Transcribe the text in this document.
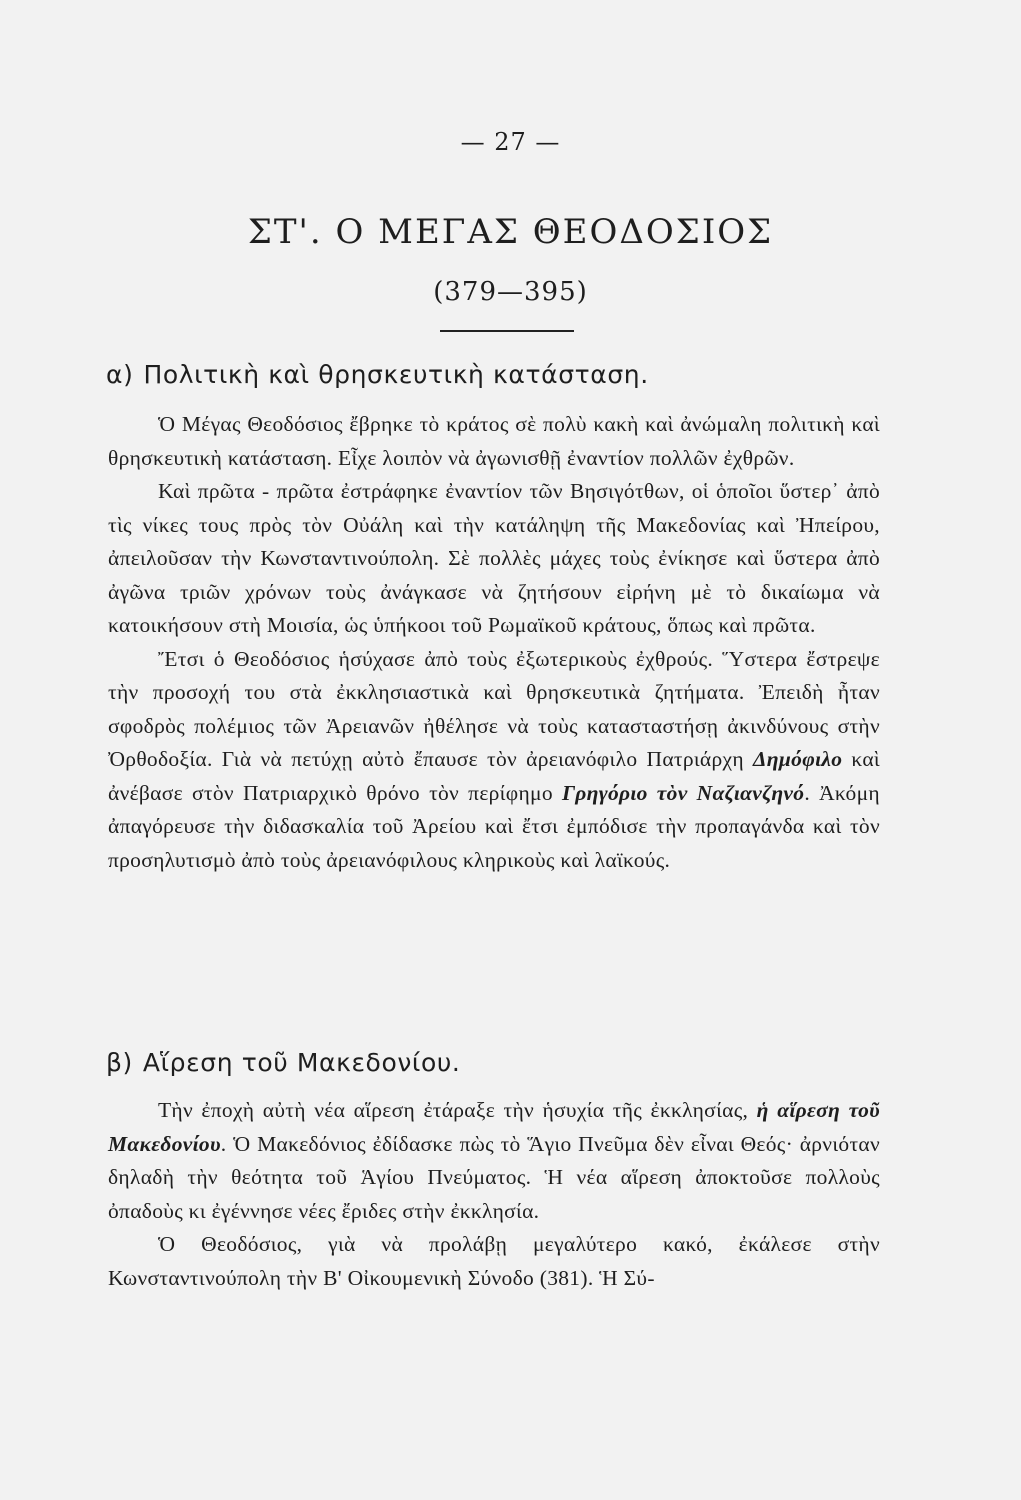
— 27 —
ΣΤ'. Ο ΜΕΓΑΣ ΘΕΟΔΟΣΙΟΣ
(379—395)
α) Πολιτικὴ καὶ θρησκευτικὴ κατάσταση.

Ὁ Μέγας Θεοδόσιος ἔβρηκε τὸ κράτος σὲ πολὺ κακὴ καὶ ἀνώμαλη πολιτικὴ καὶ θρησκευτικὴ κατάσταση. Εἶχε λοιπὸν νὰ ἀγωνισθῇ ἐναντίον πολλῶν ἐχθρῶν.

Καὶ πρῶτα - πρῶτα ἐστράφηκε ἐναντίον τῶν Βησιγότθων, οἱ ὁποῖοι ὕστερ᾿ ἀπὸ τὶς νίκες τους πρὸς τὸν Οὐάλη καὶ τὴν κατάληψη τῆς Μακεδονίας καὶ Ἠπείρου, ἀπειλοῦσαν τὴν Κωνσταντινούπολη. Σὲ πολλὲς μάχες τοὺς ἐνίκησε καὶ ὕστερα ἀπὸ ἀγῶνα τριῶν χρόνων τοὺς ἀνάγκασε νὰ ζητήσουν εἰρήνη μὲ τὸ δικαίωμα νὰ κατοικήσουν στὴ Μοισία, ὡς ὑπήκοοι τοῦ Ρωμαϊκοῦ κράτους, ὅπως καὶ πρῶτα.

Ἔτσι ὁ Θεοδόσιος ἡσύχασε ἀπὸ τοὺς ἐξωτερικοὺς ἐχθρούς. Ὕστερα ἔστρεψε τὴν προσοχή του στὰ ἐκκλησιαστικὰ καὶ θρησκευτικὰ ζητήματα. Ἐπειδὴ ἦταν σφοδρὸς πολέμιος τῶν Ἀρειανῶν ἠθέλησε νὰ τοὺς κατασταστήσῃ ἀκινδύνους στὴν Ὀρθοδοξία. Γιὰ νὰ πετύχῃ αὐτὸ ἔπαυσε τὸν ἀρειανόφιλο Πατριάρχη Δημόφιλο καὶ ἀνέβασε στὸν Πατριαρχικὸ θρόνο τὸν περίφημο Γρηγόριο τὸν Ναζιανζηνό. Ἀκόμη ἀπαγόρευσε τὴν διδασκαλία τοῦ Ἀρείου καὶ ἔτσι ἐμπόδισε τὴν προπαγάνδα καὶ τὸν προσηλυτισμὸ ἀπὸ τοὺς ἀρειανόφιλους κληρικοὺς καὶ λαϊκούς.

β) Αἵρεση τοῦ Μακεδονίου.

Τὴν ἐποχὴ αὐτὴ νέα αἵρεση ἐτάραξε τὴν ἡσυχία τῆς ἐκκλησίας, ἡ αἵρεση τοῦ Μακεδονίου. Ὁ Μακεδόνιος ἐδίδασκε πὼς τὸ Ἅγιο Πνεῦμα δὲν εἶναι Θεός· ἀρνιόταν δηλαδὴ τὴν θεότητα τοῦ Ἁγίου Πνεύματος. Ἡ νέα αἵρεση ἀποκτοῦσε πολλοὺς ὀπαδοὺς κι ἐγέννησε νέες ἔριδες στὴν ἐκκλησία.

Ὁ Θεοδόσιος, γιὰ νὰ προλάβῃ μεγαλύτερο κακό, ἐκάλεσε στὴν Κωνσταντινούπολη τὴν Β' Οἰκουμενικὴ Σύνοδο (381). Ἡ Σύ-
